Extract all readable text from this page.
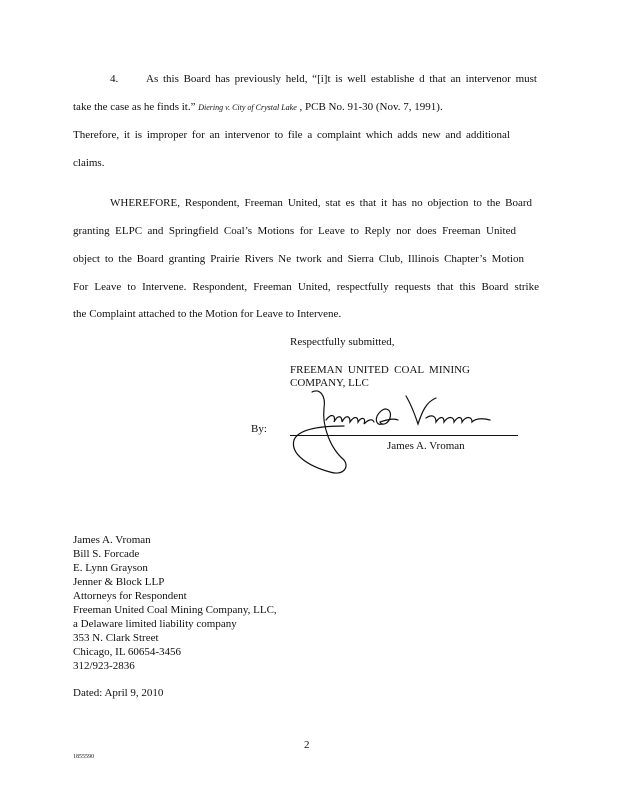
4.	As this Board has previously held, “[i]t is well establishe d that an intervenor must
take the case as he finds it.” Diering v. City of Crystal Lake , PCB No. 91-30 (Nov. 7, 1991).
Therefore, it is improper for an intervenor to file a complaint which adds new and additional
claims.
WHEREFORE, Respondent, Freeman United, stat es that it has no objection to the Board
granting ELPC and Springfield Coal’s Motions for Leave to Reply nor does Freeman United
object to the Board granting Prairie Rivers Ne twork and Sierra Club, Illinois Chapter’s Motion
For Leave to Intervene. Respondent, Freeman United, respectfully requests that this Board strike
the Complaint attached to the Motion for Leave to Intervene.
Respectfully submitted,
FREEMAN UNITED COAL MINING
COMPANY, LLC
By:
James A. Vroman
James A. Vroman
Bill S. Forcade
E. Lynn Grayson
Jenner & Block LLP
Attorneys for Respondent
Freeman United Coal Mining Company, LLC,
a Delaware limited liability company
353 N. Clark Street
Chicago, IL 60654-3456
312/923-2836
Dated: April 9, 2010
2
1855590
